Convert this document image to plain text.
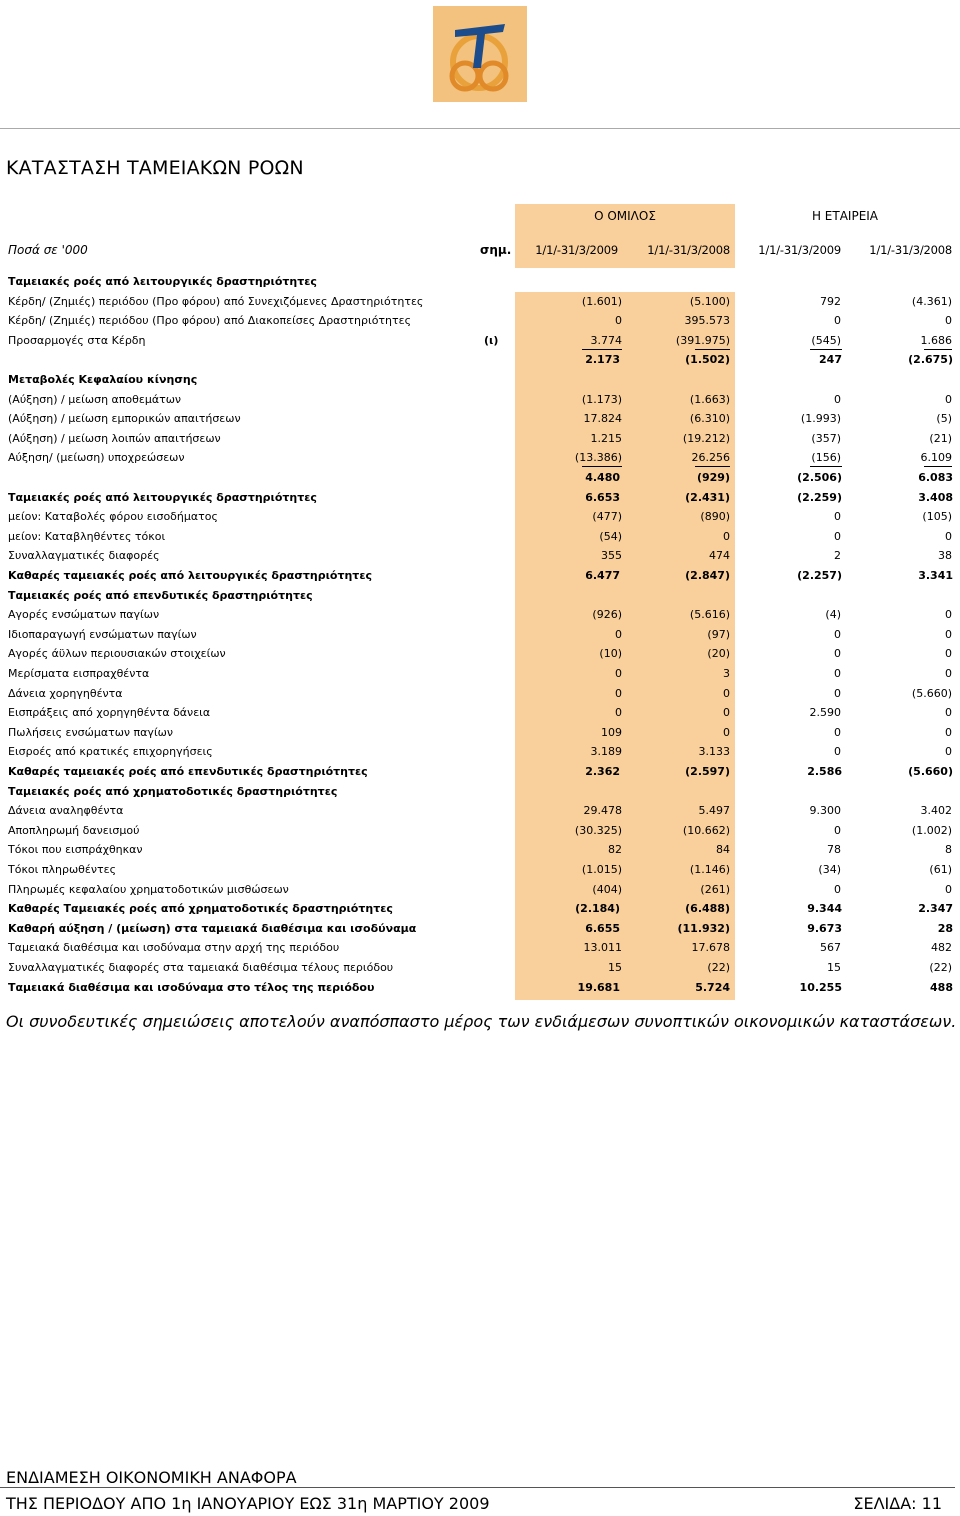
ΚΑΤΑΣΤΑΣΗ ΤΑΜΕΙΑΚΩΝ ΡΟΩΝ
Ο ΟΜΙΛΟΣ	Η ΕΤΑΙΡΕΙΑ
Ποσά σε '000	σημ.	1/1/-31/3/2009	1/1/-31/3/2008	1/1/-31/3/2009	1/1/-31/3/2008
Ταμειακές ροές από λειτουργικές δραστηριότητες
Κέρδη/ (Ζημιές) περιόδου (Προ φόρου) από Συνεχιζόμενες Δραστηριότητες	(1.601)	(5.100)	792	(4.361)
Κέρδη/ (Ζημιές) περιόδου (Προ φόρου) από Διακοπείσες Δραστηριότητες	0	395.573	0	0
Προσαρμογές στα Κέρδη	(ι)	3.774	(391.975)	(545)	1.686
2.173	(1.502)	247	(2.675)
Μεταβολές Κεφαλαίου κίνησης
(Αύξηση) / μείωση αποθεμάτων	(1.173)	(1.663)	0	0
(Αύξηση) / μείωση εμπορικών απαιτήσεων	17.824	(6.310)	(1.993)	(5)
(Αύξηση) / μείωση λοιπών απαιτήσεων	1.215	(19.212)	(357)	(21)
Αύξηση/ (μείωση) υποχρεώσεων	(13.386)	26.256	(156)	6.109
4.480	(929)	(2.506)	6.083
Ταμειακές ροές από λειτουργικές δραστηριότητες	6.653	(2.431)	(2.259)	3.408
μείον: Καταβολές φόρου εισοδήματος	(477)	(890)	0	(105)
μείον: Καταβληθέντες τόκοι	(54)	0	0	0
Συναλλαγματικές διαφορές	355	474	2	38
Καθαρές ταμειακές ροές από λειτουργικές δραστηριότητες	6.477	(2.847)	(2.257)	3.341
Ταμειακές ροές από επενδυτικές δραστηριότητες
Αγορές ενσώματων παγίων	(926)	(5.616)	(4)	0
Ιδιοπαραγωγή ενσώματων παγίων	0	(97)	0	0
Αγορές άϋλων περιουσιακών στοιχείων	(10)	(20)	0	0
Μερίσματα εισπραχθέντα	0	3	0	0
Δάνεια χορηγηθέντα	0	0	0	(5.660)
Εισπράξεις από χορηγηθέντα δάνεια	0	0	2.590	0
Πωλήσεις ενσώματων παγίων	109	0	0	0
Εισροές από κρατικές επιχορηγήσεις	3.189	3.133	0	0
Καθαρές ταμειακές ροές από επενδυτικές δραστηριότητες	2.362	(2.597)	2.586	(5.660)
Ταμειακές ροές από χρηματοδοτικές δραστηριότητες
Δάνεια αναληφθέντα	29.478	5.497	9.300	3.402
Αποπληρωμή δανεισμού	(30.325)	(10.662)	0	(1.002)
Τόκοι που εισπράχθηκαν	82	84	78	8
Τόκοι πληρωθέντες	(1.015)	(1.146)	(34)	(61)
Πληρωμές κεφαλαίου χρηματοδοτικών μισθώσεων	(404)	(261)	0	0
Καθαρές Ταμειακές ροές από χρηματοδοτικές δραστηριότητες	(2.184)	(6.488)	9.344	2.347
Καθαρή αύξηση / (μείωση) στα ταμειακά διαθέσιμα και ισοδύναμα	6.655	(11.932)	9.673	28
Ταμειακά διαθέσιμα και ισοδύναμα στην αρχή της περιόδου	13.011	17.678	567	482
Συναλλαγματικές διαφορές στα ταμειακά διαθέσιμα τέλους περιόδου	15	(22)	15	(22)
Ταμειακά διαθέσιμα και ισοδύναμα στο τέλος της περιόδου	19.681	5.724	10.255	488
Οι συνοδευτικές σημειώσεις αποτελούν αναπόσπαστο μέρος των ενδιάμεσων συνοπτικών οικονομικών καταστάσεων.
ΕΝΔΙΑΜΕΣΗ ΟΙΚΟΝΟΜΙΚΗ ΑΝΑΦΟΡΑ
ΤΗΣ ΠΕΡΙΟΔΟΥ ΑΠΟ 1η ΙΑΝΟΥΑΡΙΟΥ ΕΩΣ 31η ΜΑΡΤΙΟΥ 2009	ΣΕΛΙΔΑ: 11
